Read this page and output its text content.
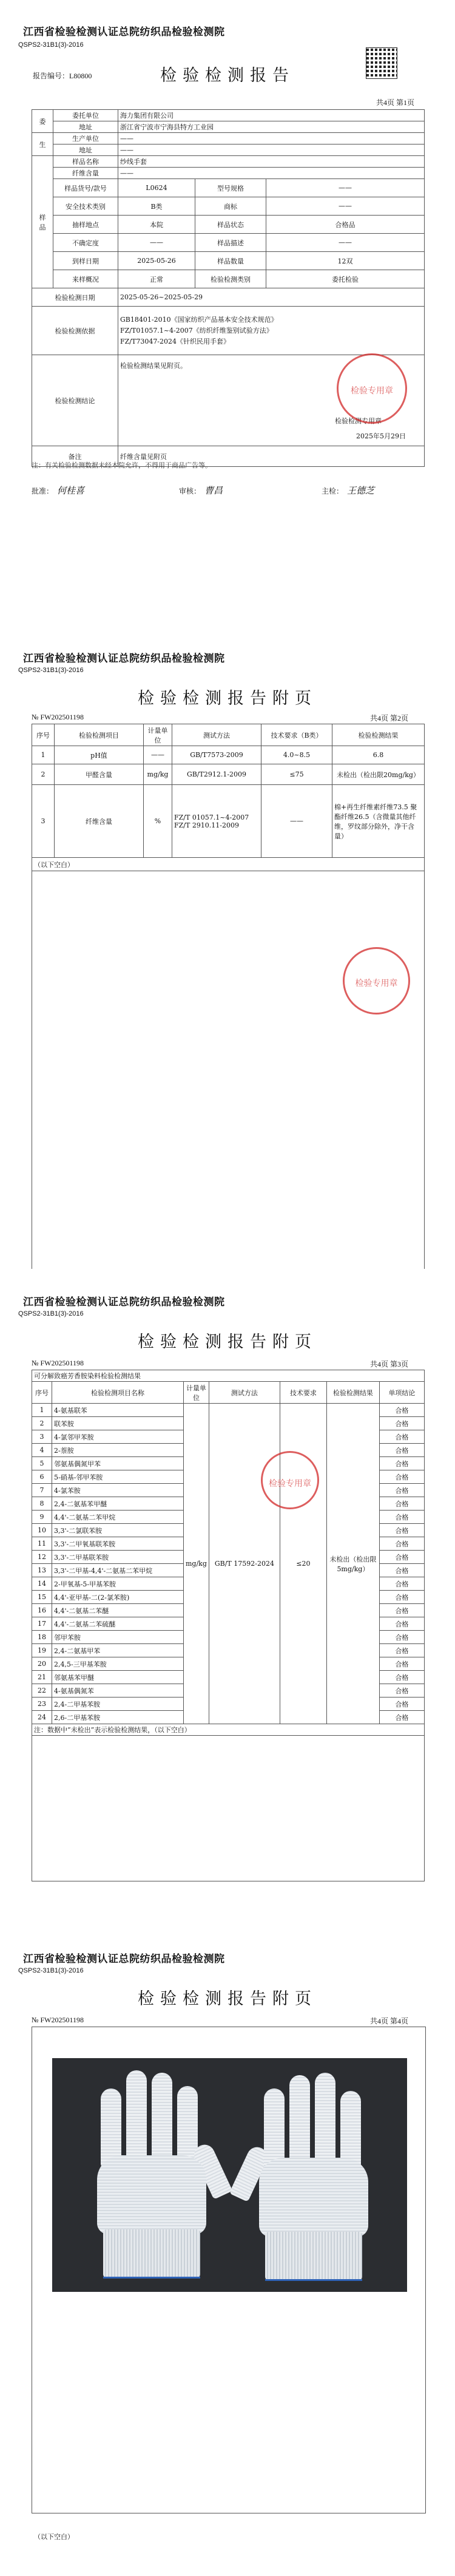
江西省检验检测认证总院纺织品检验检测院
QSPS2-31B1(3)-2016
报告编号：L80800	检验检测报告
共4页 第1页
委	委托单位	海力集团有限公司		
	地址	浙江省宁波市宁海县特方工业园		
生	生产单位	——		
	地址	——		
样
品	样品名称	纱线手套		
	纤维含量	——		
	样品货号/款号	L0624	型号规格	——
	安全技术类别	B类	商标	——
	抽样地点	本院	样品状态	合格品
	不确定度	——	样品描述	——
	到样日期	2025-05-26	样品数量	12双
	来样概况	正常	检验检测类别	委托检验
检验检测日期		2025-05-26~2025-05-29		
检验检测依据		GB18401-2010《国家纺织产品基本安全技术规范》
FZ/T01057.1~4-2007《纺织纤维鉴别试验方法》
FZ/T73047-2024《针织民用手套》		

检验检测结论		检验检测结果见附页。
检验检测专用章
2025年5月29日		

备注		纤维含量见附页		
检验专用章
注：有关检验检测数据未经本院允许，不得用于商品广告等。
批准： 何桂喜	审核： 曹昌	主检： 王德芝
江西省检验检测认证总院纺织品检验检测院
QSPS2-31B1(3)-2016
检验检测报告附页
№ FW202501198	共4页 第2页
序号	检验检测项目	计量单位	测试方法	技术要求（B类）	检验检测结果
1	pH值	——	GB/T7573-2009	4.0~8.5	6.8
2	甲醛含量	mg/kg	GB/T2912.1-2009	≤75	未检出（检出限20mg/kg）
3	纤维含量	%	FZ/T 01057.1~4-2007 FZ/T 2910.11-2009	——	棉+再生纤维素纤维73.5 聚酯纤维26.5（含微量其他纤维，罗纹部分除外，净干含量）
（以下空白）					

检验专用章
江西省检验检测认证总院纺织品检验检测院
QSPS2-31B1(3)-2016
检验检测报告附页
№ FW202501198	共4页 第3页
可分解致癌芳香胺染料检验检测结果						
序号	检验检测项目名称	计量单位	测试方法	技术要求	检验检测结果	单项结论
1	4-氨基联苯	mg/kg	GB/T 17592-2024	≤20	未检出（检出限5mg/kg）	合格
2	联苯胺					合格
3	4-氯邻甲苯胺					合格
4	2-萘胺					合格
5	邻氨基偶氮甲苯					合格
6	5-硝基-邻甲苯胺					合格
7	4-氯苯胺					合格
8	2,4-二氨基苯甲醚					合格
9	4,4'-二氨基二苯甲烷					合格
10	3,3'-二氯联苯胺					合格
11	3,3'-二甲氧基联苯胺					合格
12	3,3'-二甲基联苯胺					合格
13	3,3'-二甲基-4,4'-二氨基二苯甲烷					合格
14	2-甲氧基-5-甲基苯胺					合格
15	4,4'-亚甲基-二(2-氯苯胺)					合格
16	4,4'-二氨基二苯醚					合格
17	4,4'-二氨基二苯硫醚					合格
18	邻甲苯胺					合格
19	2,4-二氨基甲苯					合格
20	2,4,5-三甲基苯胺					合格
21	邻氨基苯甲醚					合格
22	4-氨基偶氮苯					合格
23	2,4-二甲基苯胺					合格
24	2,6-二甲基苯胺					合格
注：数据中“未检出”表示检验检测结果，（以下空白）						

检验专用章
江西省检验检测认证总院纺织品检验检测院
QSPS2-31B1(3)-2016
检验检测报告附页
№ FW202501198	共4页 第4页
（以下空白）
